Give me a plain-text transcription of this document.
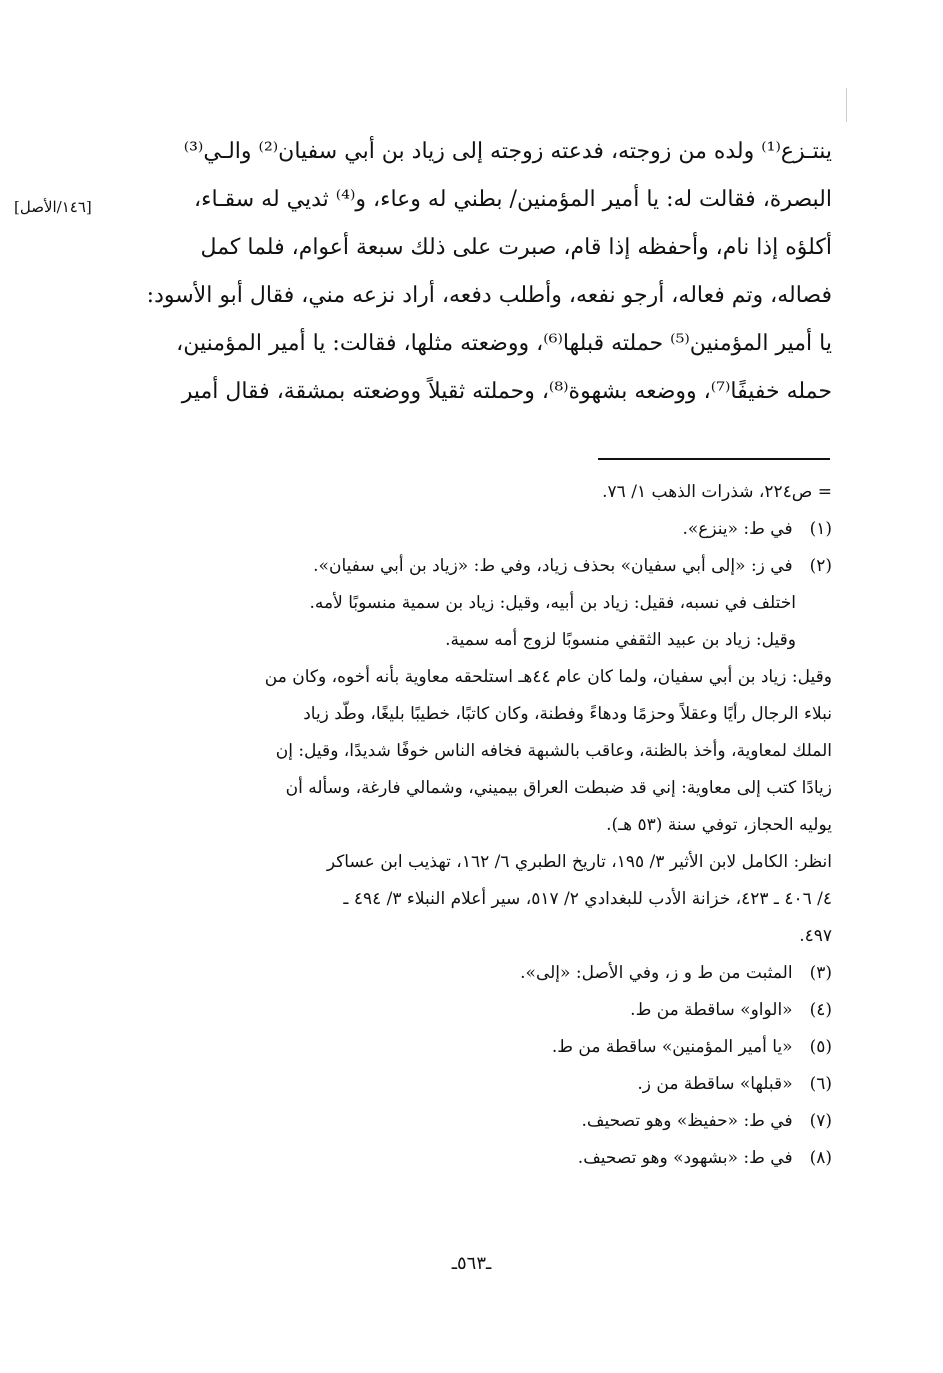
ينتـزع⁽¹⁾ ولده من زوجته، فدعته زوجته إلى زياد بن أبي سفيان⁽²⁾ والـي⁽³⁾
البصرة، فقالت له: يا أمير المؤمنين/ بطني له وعاء، و⁽⁴⁾ ثديي له سقـاء،
أكلؤه إذا نام، وأحفظه إذا قام، صبرت على ذلك سبعة أعوام، فلما كمل
فصاله، وتم فعاله، أرجو نفعه، وأطلب دفعه، أراد نزعه مني، فقال أبو الأسود:
يا أمير المؤمنين⁽⁵⁾ حملته قبلها⁽⁶⁾، ووضعته مثلها، فقالت: يا أمير المؤمنين،
حمله خفيفًا⁽⁷⁾، ووضعه بشهوة⁽⁸⁾، وحملته ثقيلاً ووضعته بمشقة، فقال أمير
[١٤٦/الأصل]
= ص٢٢٤، شذرات الذهب ١/ ٧٦.
(١) في ط: «ينزع».
(٢) في ز: «إلى أبي سفيان» بحذف زياد، وفي ط: «زياد بن أبي سفيان».
اختلف في نسبه، فقيل: زياد بن أبيه، وقيل: زياد بن سمية منسوبًا لأمه.
وقيل: زياد بن عبيد الثقفي منسوبًا لزوج أمه سمية.
وقيل: زياد بن أبي سفيان، ولما كان عام ٤٤هـ استلحقه معاوية بأنه أخوه، وكان من
نبلاء الرجال رأيًا وعقلاً وحزمًا ودهاءً وفطنة، وكان كاتبًا، خطيبًا بليغًا، وطّد زياد
الملك لمعاوية، وأخذ بالظنة، وعاقب بالشبهة فخافه الناس خوفًا شديدًا، وقيل: إن
زيادًا كتب إلى معاوية: إني قد ضبطت العراق بيميني، وشمالي فارغة، وسأله أن
يوليه الحجاز، توفي سنة (٥٣ هـ).
انظر: الكامل لابن الأثير ٣/ ١٩٥، تاريخ الطبري ٦/ ١٦٢، تهذيب ابن عساكر
٤/ ٤٠٦ ـ ٤٢٣، خزانة الأدب للبغدادي ٢/ ٥١٧، سير أعلام النبلاء ٣/ ٤٩٤ ـ
٤٩٧.
(٣) المثبت من ط و ز، وفي الأصل: «إلى».
(٤) «الواو» ساقطة من ط.
(٥) «يا أمير المؤمنين» ساقطة من ط.
(٦) «قبلها» ساقطة من ز.
(٧) في ط: «حفيظ» وهو تصحيف.
(٨) في ط: «بشهود» وهو تصحيف.
ـ٥٦٣ـ
